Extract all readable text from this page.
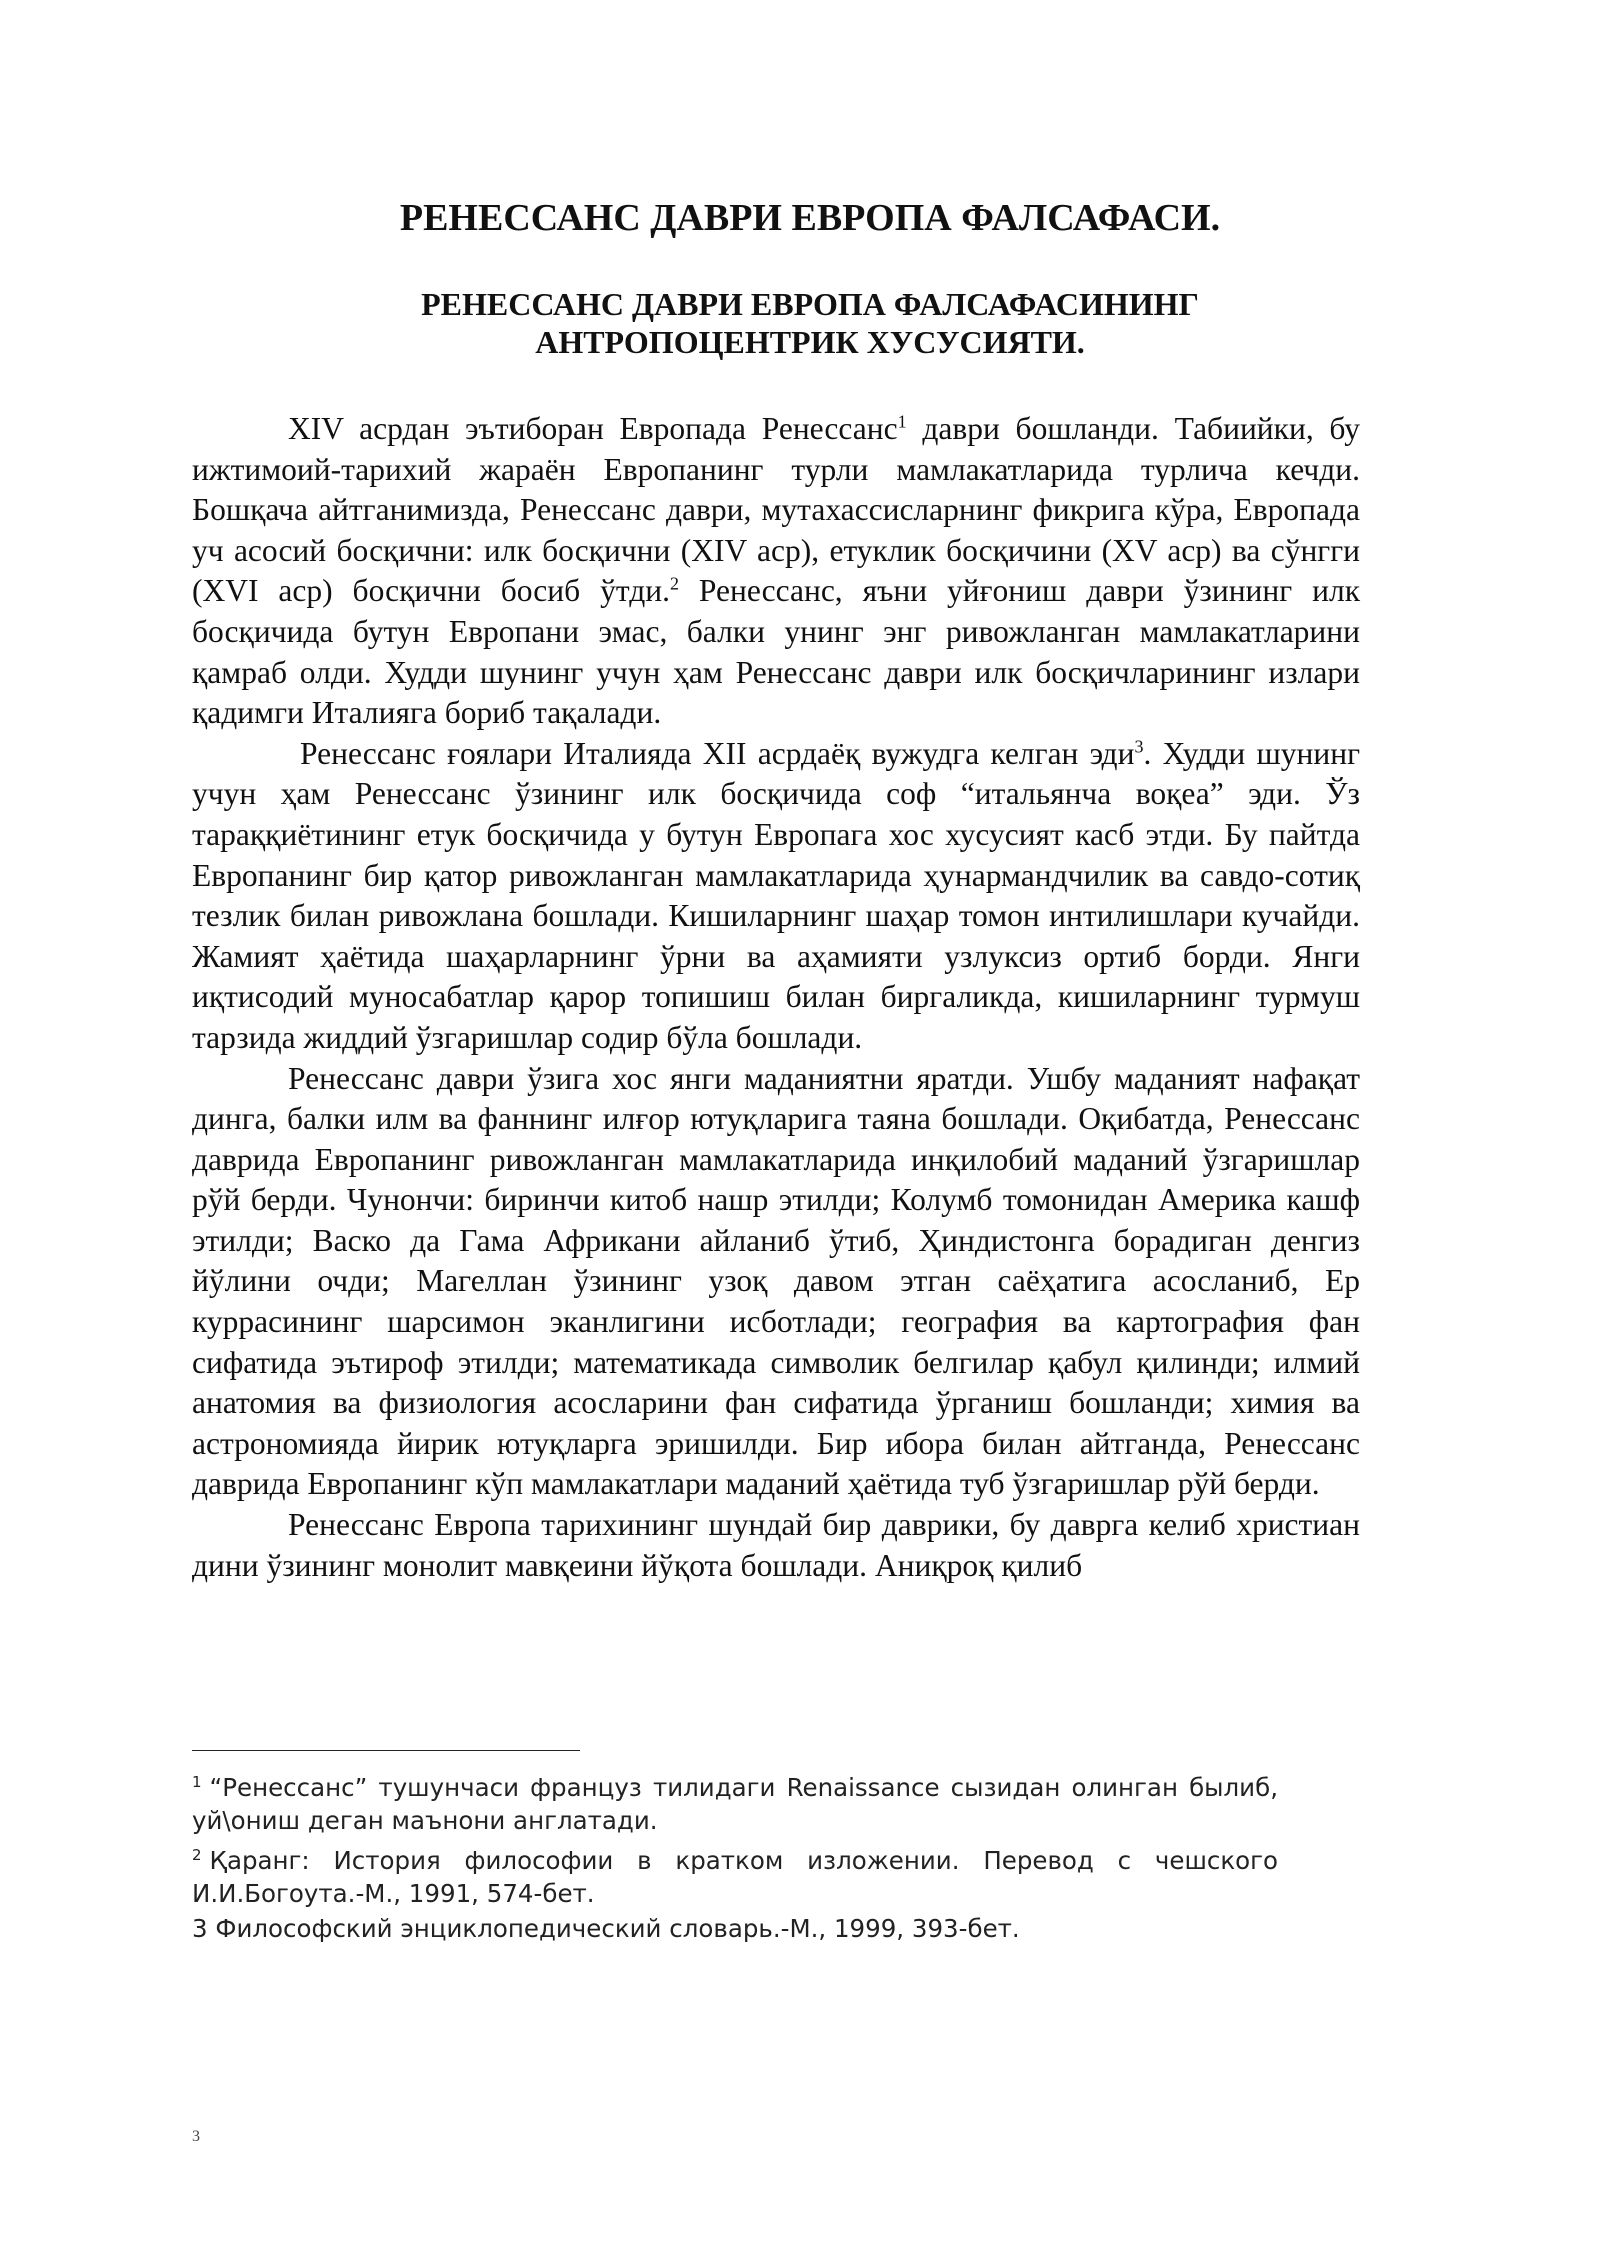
РЕНЕССАНС ДАВРИ ЕВРОПА ФАЛСАФАСИ.
РЕНЕССАНС ДАВРИ ЕВРОПА ФАЛСАФАСИНИНГ
АНТРОПОЦЕНТРИК ХУСУСИЯТИ.

XIV асрдан эътиборан Европада Ренессанс$^1$ даври бошланди. Табиийки, бу ижтимоий-тарихий жараён Европанинг турли мамлакатларида турлича кечди. Бошқача айтганимизда, Ренессанс даври, мутахассисларнинг фикрига кўра, Европада уч асосий босқични: илк босқични (XIV аср), етуклик босқичини (XV аср) ва сўнгги (XVI аср) босқични босиб ўтди.$^2$ Ренессанс, яъни уйғониш даври ўзининг илк босқичида бутун Европани эмас, балки унинг энг ривожланган мамлакатларини қамраб олди. Худди шунинг учун ҳам Ренессанс даври илк босқичларининг излари қадимги Италияга бориб тақалади.

Ренессанс ғоялари Италияда XII асрдаёқ вужудга келган эди$^3$. Худди шунинг учун ҳам Ренессанс ўзининг илк босқичида соф “итальянча воқеа” эди. Ўз тараққиётининг етук босқичида у бутун Европага хос хусусият касб этди. Бу пайтда Европанинг бир қатор ривожланган мамлакатларида ҳунармандчилик ва савдо-сотиқ тезлик билан ривожлана бошлади. Кишиларнинг шаҳар томон интилишлари кучайди. Жамият ҳаётида шаҳарларнинг ўрни ва аҳамияти узлуксиз ортиб борди. Янги иқтисодий муносабатлар қарор топишиш билан биргаликда, кишиларнинг турмуш тарзида жиддий ўзгаришлар содир бўла бошлади.

Ренессанс даври ўзига хос янги маданиятни яратди. Ушбу маданият нафақат динга, балки илм ва фаннинг илғор ютуқларига таяна бошлади. Оқибатда, Ренессанс даврида Европанинг ривожланган мамлакатларида инқилобий маданий ўзгаришлар рўй берди. Чунончи: биринчи китоб нашр этилди; Колумб томонидан Америка кашф этилди; Васко да Гама Африкани айланиб ўтиб, Ҳиндистонга борадиган денгиз йўлини очди; Магеллан ўзининг узоқ давом этган саёҳатига асосланиб, Ер куррасининг шарсимон эканлигини исботлади; география ва картография фан сифатида эътироф этилди; математикада символик белгилар қабул қилинди; илмий анатомия ва физиология асосларини фан сифатида ўрганиш бошланди; химия ва астрономияда йирик ютуқларга эришилди. Бир ибора билан айтганда, Ренессанс даврида Европанинг кўп мамлакатлари маданий ҳаётида туб ўзгаришлар рўй берди.

Ренессанс Европа тарихининг шундай бир даврики, бу даврга келиб христиан дини ўзининг монолит мавқеини йўқота бошлади. Аниқроқ қилиб

$^1$ “Ренессанс” тушунчаси француз тилидаги Renaissance сызидан олинган былиб, уй\ониш деган маънони англатади.

$^2$ Қаранг: История философии в кратком изложении. Перевод с чешского И.И.Богоута.-М., 1991, 574-бет.

3 Философский энциклопедический словарь.-М., 1999, 393-бет.

3
